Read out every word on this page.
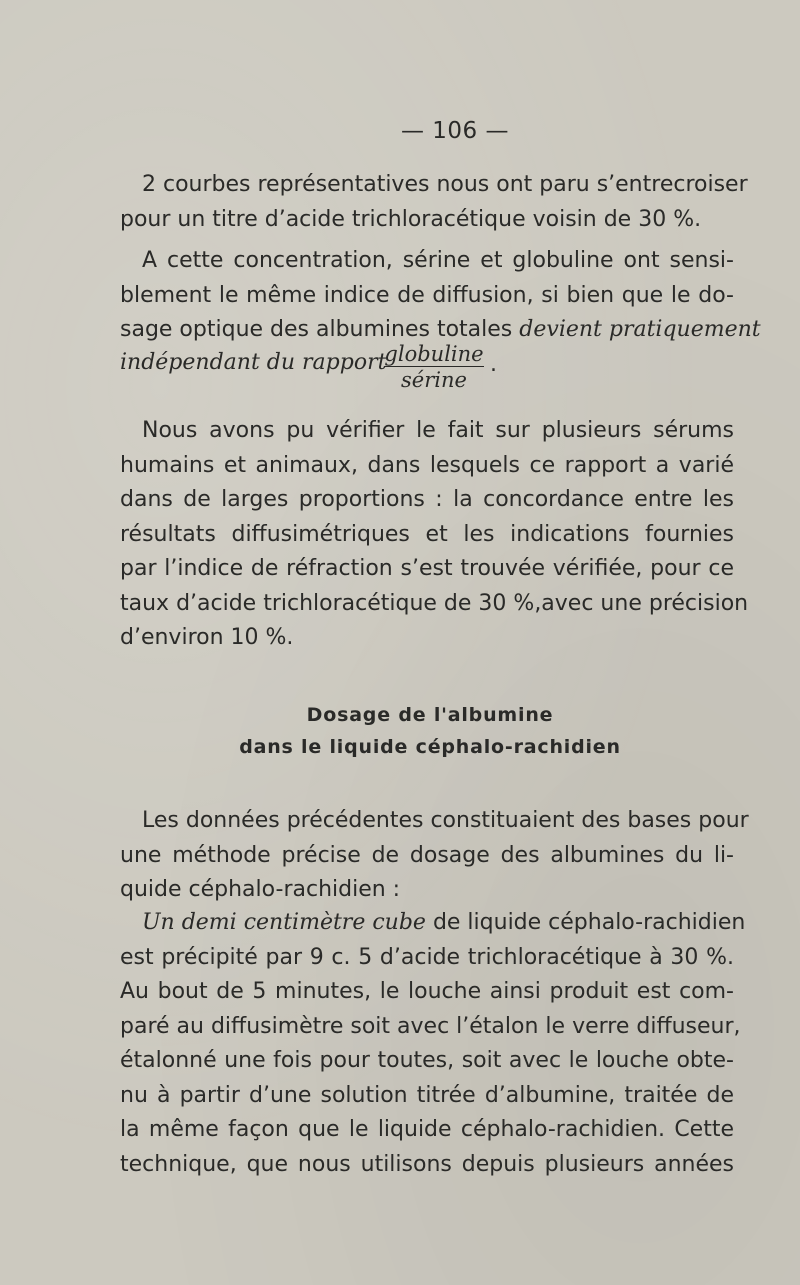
— 106 —
2 courbes représentatives nous ont paru s’entrecroiser
pour un titre d’acide trichloracétique voisin de 30 %.
A cette concentration, sérine et globuline ont sensi-
blement le même indice de diffusion, si bien que le do-
sage optique des albumines totales devient pratiquement
indépendant du rapport
globuline
sérine
.
Nous avons pu vérifier le fait sur plusieurs sérums
humains et animaux, dans lesquels ce rapport a varié
dans de larges proportions : la concordance entre les
résultats diffusimétriques et les indications fournies
par l’indice de réfraction s’est trouvée vérifiée, pour ce
taux d’acide trichloracétique de 30 %,avec une précision
d’environ 10 %.
Dosage de l'albumine
dans le liquide céphalo-rachidien
Les données précédentes constituaient des bases pour
une méthode précise de dosage des albumines du li-
quide céphalo-rachidien :
Un demi centimètre cube de liquide céphalo-rachidien
est précipité par 9 c. 5 d’acide trichloracétique à 30 %.
Au bout de 5 minutes, le louche ainsi produit est com-
paré au diffusimètre soit avec l’étalon le verre diffuseur,
étalonné une fois pour toutes, soit avec le louche obte-
nu à partir d’une solution titrée d’albumine, traitée de
la même façon que le liquide céphalo-rachidien. Cette
technique, que nous utilisons depuis plusieurs années
